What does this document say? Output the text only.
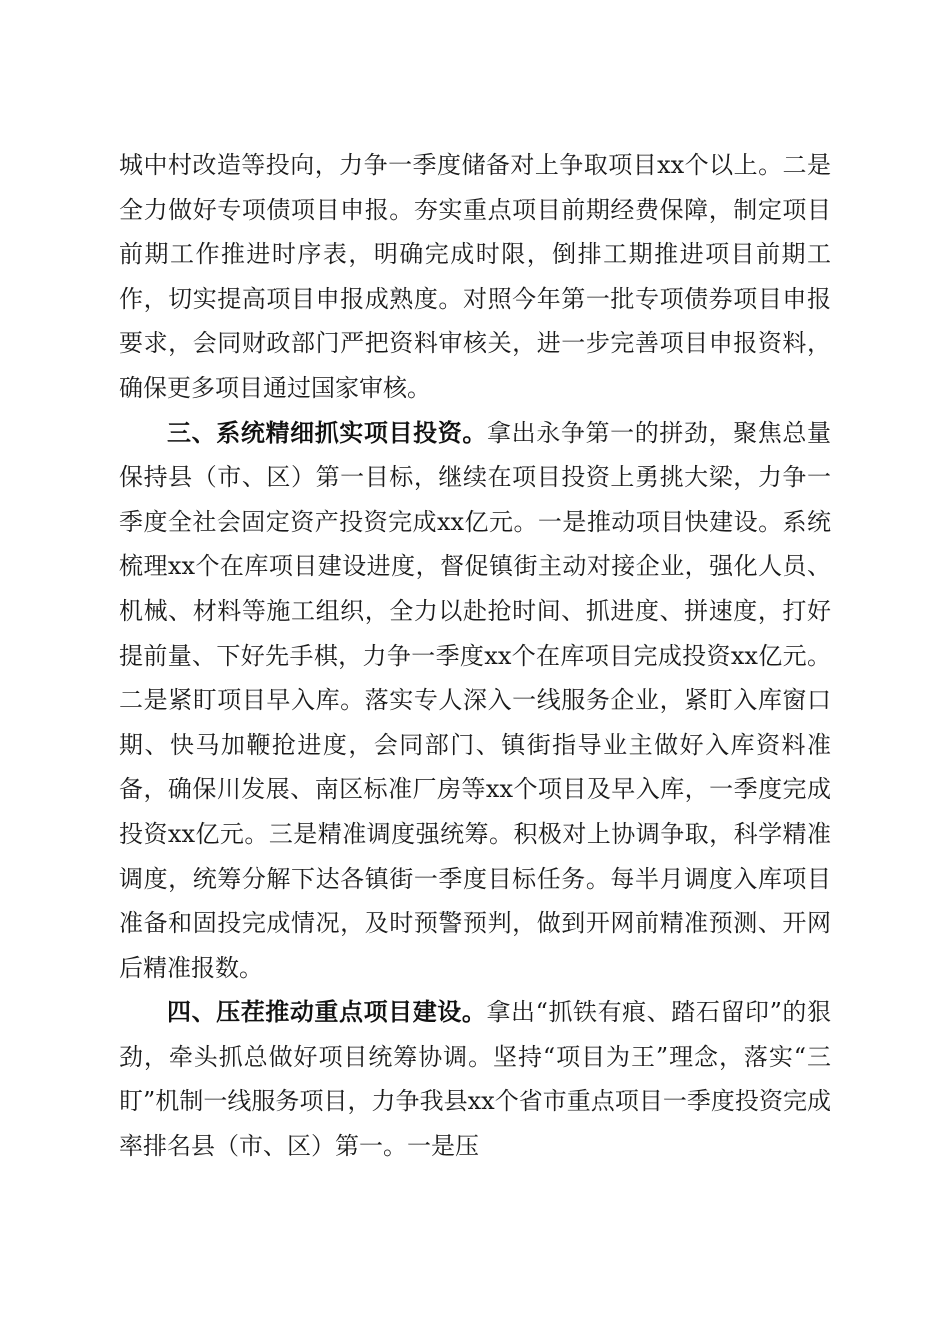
城中村改造等投向，力争一季度储备对上争取项目xx个以上。二是全力做好专项债项目申报。夯实重点项目前期经费保障，制定项目前期工作推进时序表，明确完成时限，倒排工期推进项目前期工作，切实提高项目申报成熟度。对照今年第一批专项债券项目申报要求，会同财政部门严把资料审核关，进一步完善项目申报资料，确保更多项目通过国家审核。

三、系统精细抓实项目投资。拿出永争第一的拼劲，聚焦总量保持县（市、区）第一目标，继续在项目投资上勇挑大梁，力争一季度全社会固定资产投资完成xx亿元。一是推动项目快建设。系统梳理xx个在库项目建设进度，督促镇街主动对接企业，强化人员、机械、材料等施工组织，全力以赴抢时间、抓进度、拼速度，打好提前量、下好先手棋，力争一季度xx个在库项目完成投资xx亿元。二是紧盯项目早入库。落实专人深入一线服务企业，紧盯入库窗口期、快马加鞭抢进度，会同部门、镇街指导业主做好入库资料准备，确保川发展、南区标准厂房等xx个项目及早入库，一季度完成投资xx亿元。三是精准调度强统筹。积极对上协调争取，科学精准调度，统筹分解下达各镇街一季度目标任务。每半月调度入库项目准备和固投完成情况，及时预警预判，做到开网前精准预测、开网后精准报数。

四、压茬推动重点项目建设。拿出“抓铁有痕、踏石留印”的狠劲，牵头抓总做好项目统筹协调。坚持“项目为王”理念，落实“三盯”机制一线服务项目，力争我县xx个省市重点项目一季度投资完成率排名县（市、区）第一。一是压
